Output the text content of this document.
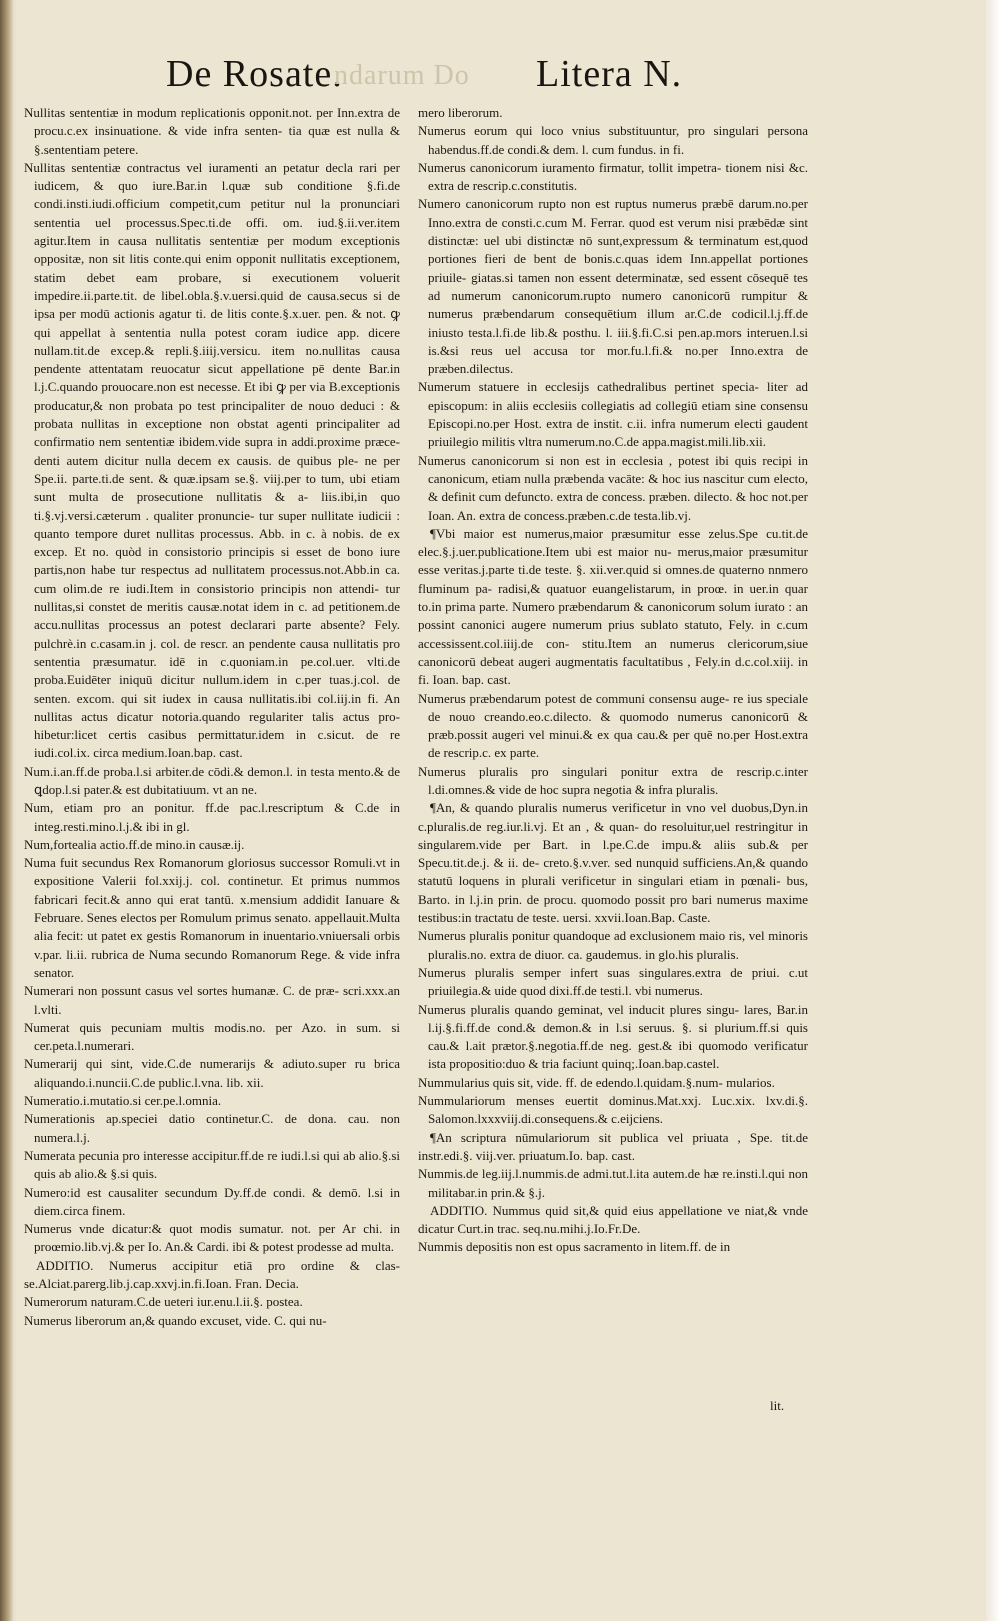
De Rosate.
ndarum Do Litera N.

Nullitas sententiæ in modum replicationis opponit.not. per Inn.extra de procu.c.ex insinuatione. & vide infra senten- tia quæ est nulla & §.sententiam petere.

Nullitas sententiæ contractus vel iuramenti an petatur decla rari per iudicem, & quo iure.Bar.in l.quæ sub conditione §.fi.de condi.insti.iudi.officium competit,cum petitur nul la pronunciari sententia uel processus.Spec.ti.de offi. om. iud.§.ii.ver.item agitur.Item in causa nullitatis sententiæ per modum exceptionis oppositæ, non sit litis conte.qui enim opponit nullitatis exceptionem, statim debet eam probare, si executionem voluerit impedire.ii.parte.tit. de libel.obla.§.v.uersi.quid de causa.secus si de ipsa per modū actionis agatur ti. de litis conte.§.x.uer. pen. & not. ꝙ qui appellat à sententia nulla potest coram iudice app. dicere nullam.tit.de excep.& repli.§.iiij.versicu. item no.nullitas causa pendente attentatam reuocatur sicut appellatione pē dente Bar.in l.j.C.quando prouocare.non est necesse. Et ibi ꝙ per via B.exceptionis producatur,& non probata po test principaliter de nouo deduci : & probata nullitas in exceptione non obstat agenti principaliter ad confirmatio nem sententiæ ibidem.vide supra in addi.proxime præce- denti autem dicitur nulla decem ex causis. de quibus ple- ne per Spe.ii. parte.ti.de sent. & quæ.ipsam se.§. viij.per to tum, ubi etiam sunt multa de prosecutione nullitatis & a- liis.ibi,in quo ti.§.vj.versi.cæterum . qualiter pronuncie- tur super nullitate iudicii : quanto tempore duret nullitas processus. Abb. in c. à nobis. de ex excep. Et no. quòd in consistorio principis si esset de bono iure partis,non habe tur respectus ad nullitatem processus.not.Abb.in ca. cum olim.de re iudi.Item in consistorio principis non attendi- tur nullitas,si constet de meritis causæ.notat idem in c. ad petitionem.de accu.nullitas processus an potest declarari parte absente? Fely. pulchrè.in c.casam.in j. col. de rescr. an pendente causa nullitatis pro sententia præsumatur. idē in c.quoniam.in pe.col.uer. vlti.de proba.Euidēter iniquū dicitur nullum.idem in c.per tuas.j.col. de senten. excom. qui sit iudex in causa nullitatis.ibi col.iij.in fi. An nullitas actus dicatur notoria.quando regulariter talis actus pro- hibetur:licet certis casibus permittatur.idem in c.sicut. de re iudi.col.ix. circa medium.Ioan.bap. cast.

Num.i.an.ff.de proba.l.si arbiter.de cōdi.& demon.l. in testa mento.& de ꝗdop.l.si pater.& est dubitatiuum. vt an ne.

Num, etiam pro an ponitur. ff.de pac.l.rescriptum & C.de in integ.resti.mino.l.j.& ibi in gl.

Num,fortealia actio.ff.de mino.in causæ.ij.

Numa fuit secundus Rex Romanorum gloriosus successor Romuli.vt in expositione Valerii fol.xxij.j. col. continetur. Et primus nummos fabricari fecit.& anno qui erat tantū. x.mensium addidit Ianuare & Februare. Senes electos per Romulum primus senato. appellauit.Multa alia fecit: ut patet ex gestis Romanorum in inuentario.vniuersali orbis v.par. li.ii. rubrica de Numa secundo Romanorum Rege. & vide infra senator.

Numerari non possunt casus vel sortes humanæ. C. de præ- scri.xxx.an l.vlti.

Numerat quis pecuniam multis modis.no. per Azo. in sum. si cer.peta.l.numerari.

Numerarij qui sint, vide.C.de numerarijs & adiuto.super ru brica aliquando.i.nuncii.C.de public.l.vna. lib. xii.

Numeratio.i.mutatio.si cer.pe.l.omnia.

Numerationis ap.speciei datio continetur.C. de dona. cau. non numera.l.j.

Numerata pecunia pro interesse accipitur.ff.de re iudi.l.si qui ab alio.§.si quis ab alio.& §.si quis.

Numero:id est causaliter secundum Dy.ff.de condi. & demō. l.si in diem.circa finem.

Numerus vnde dicatur:& quot modis sumatur. not. per Ar chi. in proœmio.lib.vj.& per Io. An.& Cardi. ibi & potest prodesse ad multa.

ADDITIO. Numerus accipitur etiā pro ordine & clas- se.Alciat.parerg.lib.j.cap.xxvj.in.fi.Ioan. Fran. Decia.

Numerorum naturam.C.de ueteri iur.enu.l.ii.§. postea.

Numerus liberorum an,& quando excuset, vide. C. qui nu-

mero liberorum.

Numerus eorum qui loco vnius substituuntur, pro singulari persona habendus.ff.de condi.& dem. l. cum fundus. in fi.

Numerus canonicorum iuramento firmatur, tollit impetra- tionem nisi &c. extra de rescrip.c.constitutis.

Numero canonicorum rupto non est ruptus numerus præbē darum.no.per Inno.extra de consti.c.cum M. Ferrar. quod est verum nisi præbēdæ sint distinctæ: uel ubi distinctæ nō sunt,expressum & terminatum est,quod portiones fieri de bent de bonis.c.quas idem Inn.appellat portiones priuile- giatas.si tamen non essent determinatæ, sed essent cōsequē tes ad numerum canonicorum.rupto numero canonicorū rumpitur & numerus præbendarum consequētium illum ar.C.de codicil.l.j.ff.de iniusto testa.l.fi.de lib.& posthu. l. iii.§.fi.C.si pen.ap.mors interuen.l.si is.&si reus uel accusa tor mor.fu.l.fi.& no.per Inno.extra de præben.dilectus.

Numerum statuere in ecclesijs cathedralibus pertinet specia- liter ad episcopum: in aliis ecclesiis collegiatis ad collegiū etiam sine consensu Episcopi.no.per Host. extra de instit. c.ii. infra numerum electi gaudent priuilegio militis vltra numerum.no.C.de appa.magist.mili.lib.xii.

Numerus canonicorum si non est in ecclesia , potest ibi quis recipi in canonicum, etiam nulla præbenda vacāte: & hoc ius nascitur cum electo, & definit cum defuncto. extra de concess. præben. dilecto. & hoc not.per Ioan. An. extra de concess.præben.c.de testa.lib.vj.

¶Vbi maior est numerus,maior præsumitur esse zelus.Spe cu.tit.de elec.§.j.uer.publicatione.Item ubi est maior nu- merus,maior præsumitur esse veritas.j.parte ti.de teste. §. xii.ver.quid si omnes.de quaterno nnmero fluminum pa- radisi,& quatuor euangelistarum, in proœ. in uer.in quar to.in prima parte. Numero præbendarum & canonicorum solum iurato : an possint canonici augere numerum prius sublato statuto, Fely. in c.cum accessissent.col.iiij.de con- stitu.Item an numerus clericorum,siue canonicorū debeat augeri augmentatis facultatibus , Fely.in d.c.col.xiij. in fi. Ioan. bap. cast.

Numerus præbendarum potest de communi consensu auge- re ius speciale de nouo creando.eo.c.dilecto. & quomodo numerus canonicorū & præb.possit augeri vel minui.& ex qua cau.& per quē no.per Host.extra de rescrip.c. ex parte.

Numerus pluralis pro singulari ponitur extra de rescrip.c.inter l.di.omnes.& vide de hoc supra negotia & infra pluralis.

¶An, & quando pluralis numerus verificetur in vno vel duobus,Dyn.in c.pluralis.de reg.iur.li.vj. Et an , & quan- do resoluitur,uel restringitur in singularem.vide per Bart. in l.pe.C.de impu.& aliis sub.& per Specu.tit.de.j. & ii. de- creto.§.v.ver. sed nunquid sufficiens.An,& quando statutū loquens in plurali verificetur in singulari etiam in pœnali- bus, Barto. in l.j.in prin. de procu. quomodo possit pro bari numerus maxime testibus:in tractatu de teste. uersi. xxvii.Ioan.Bap. Caste.

Numerus pluralis ponitur quandoque ad exclusionem maio ris, vel minoris pluralis.no. extra de diuor. ca. gaudemus. in glo.his pluralis.

Numerus pluralis semper infert suas singulares.extra de priui. c.ut priuilegia.& uide quod dixi.ff.de testi.l. vbi numerus.

Numerus pluralis quando geminat, vel inducit plures singu- lares, Bar.in l.ij.§.fi.ff.de cond.& demon.& in l.si seruus. §. si plurium.ff.si quis cau.& l.ait prætor.§.negotia.ff.de neg. gest.& ibi quomodo verificatur ista propositio:duo & tria faciunt quinq;.Ioan.bap.castel.

Nummularius quis sit, vide. ff. de edendo.l.quidam.§.num- mularios.

Nummulariorum menses euertit dominus.Mat.xxj. Luc.xix. lxv.di.§. Salomon.lxxxviij.di.consequens.& c.eijciens.

¶An scriptura nūmulariorum sit publica vel priuata , Spe. tit.de instr.edi.§. viij.ver. priuatum.Io. bap. cast.

Nummis.de leg.iij.l.nummis.de admi.tut.l.ita autem.de hæ re.insti.l.qui non militabar.in prin.& §.j.

ADDITIO. Nummus quid sit,& quid eius appellatione ve niat,& vnde dicatur Curt.in trac. seq.nu.mihi.j.Io.Fr.De.

Nummis depositis non est opus sacramento in litem.ff. de in

lit.
